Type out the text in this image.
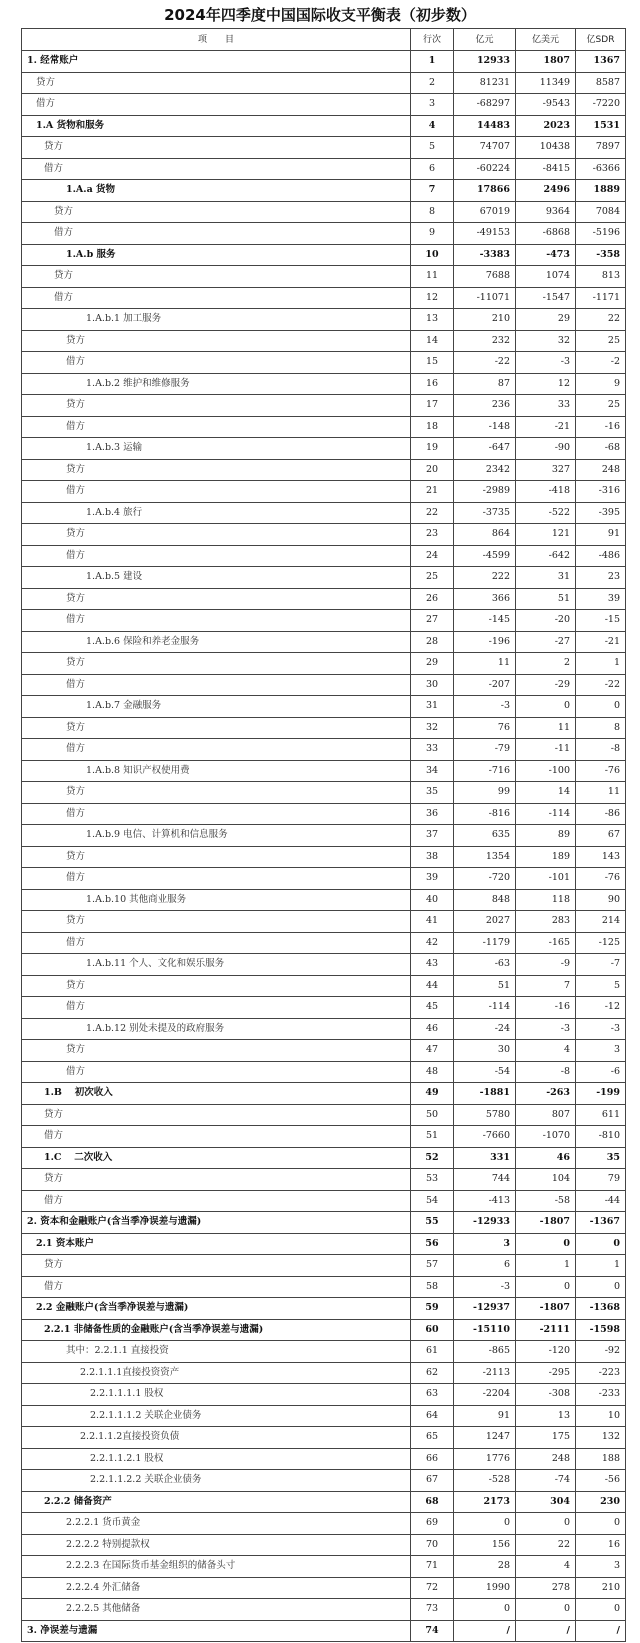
2024年四季度中国国际收支平衡表（初步数）
项　　目	行次	亿元	亿美元	亿SDR
1. 经常账户	1	12933	1807	1367
贷方	2	81231	11349	8587
借方	3	-68297	-9543	-7220
1.A 货物和服务	4	14483	2023	1531
贷方	5	74707	10438	7897
借方	6	-60224	-8415	-6366
1.A.a 货物	7	17866	2496	1889
贷方	8	67019	9364	7084
借方	9	-49153	-6868	-5196
1.A.b 服务	10	-3383	-473	-358
贷方	11	7688	1074	813
借方	12	-11071	-1547	-1171
1.A.b.1 加工服务	13	210	29	22
贷方	14	232	32	25
借方	15	-22	-3	-2
1.A.b.2 维护和维修服务	16	87	12	9
贷方	17	236	33	25
借方	18	-148	-21	-16
1.A.b.3 运输	19	-647	-90	-68
贷方	20	2342	327	248
借方	21	-2989	-418	-316
1.A.b.4 旅行	22	-3735	-522	-395
贷方	23	864	121	91
借方	24	-4599	-642	-486
1.A.b.5 建设	25	222	31	23
贷方	26	366	51	39
借方	27	-145	-20	-15
1.A.b.6 保险和养老金服务	28	-196	-27	-21
贷方	29	11	2	1
借方	30	-207	-29	-22
1.A.b.7 金融服务	31	-3	0	0
贷方	32	76	11	8
借方	33	-79	-11	-8
1.A.b.8 知识产权使用费	34	-716	-100	-76
贷方	35	99	14	11
借方	36	-816	-114	-86
1.A.b.9 电信、计算机和信息服务	37	635	89	67
贷方	38	1354	189	143
借方	39	-720	-101	-76
1.A.b.10 其他商业服务	40	848	118	90
贷方	41	2027	283	214
借方	42	-1179	-165	-125
1.A.b.11 个人、文化和娱乐服务	43	-63	-9	-7
贷方	44	51	7	5
借方	45	-114	-16	-12
1.A.b.12 别处未提及的政府服务	46	-24	-3	-3
贷方	47	30	4	3
借方	48	-54	-8	-6
1.B　 初次收入	49	-1881	-263	-199
贷方	50	5780	807	611
借方	51	-7660	-1070	-810
1.C　 二次收入	52	331	46	35
贷方	53	744	104	79
借方	54	-413	-58	-44
2. 资本和金融账户(含当季净误差与遗漏)	55	-12933	-1807	-1367
2.1 资本账户	56	3	0	0
贷方	57	6	1	1
借方	58	-3	0	0
2.2 金融账户(含当季净误差与遗漏)	59	-12937	-1807	-1368
2.2.1 非储备性质的金融账户(含当季净误差与遗漏)	60	-15110	-2111	-1598
其中：2.2.1.1 直接投资	61	-865	-120	-92
2.2.1.1.1直接投资资产	62	-2113	-295	-223
2.2.1.1.1.1 股权	63	-2204	-308	-233
2.2.1.1.1.2 关联企业债务	64	91	13	10
2.2.1.1.2直接投资负债	65	1247	175	132
2.2.1.1.2.1 股权	66	1776	248	188
2.2.1.1.2.2 关联企业债务	67	-528	-74	-56
2.2.2 储备资产	68	2173	304	230
2.2.2.1 货币黄金	69	0	0	0
2.2.2.2 特别提款权	70	156	22	16
2.2.2.3 在国际货币基金组织的储备头寸	71	28	4	3
2.2.2.4 外汇储备	72	1990	278	210
2.2.2.5 其他储备	73	0	0	0
3. 净误差与遗漏	74	/	/	/
